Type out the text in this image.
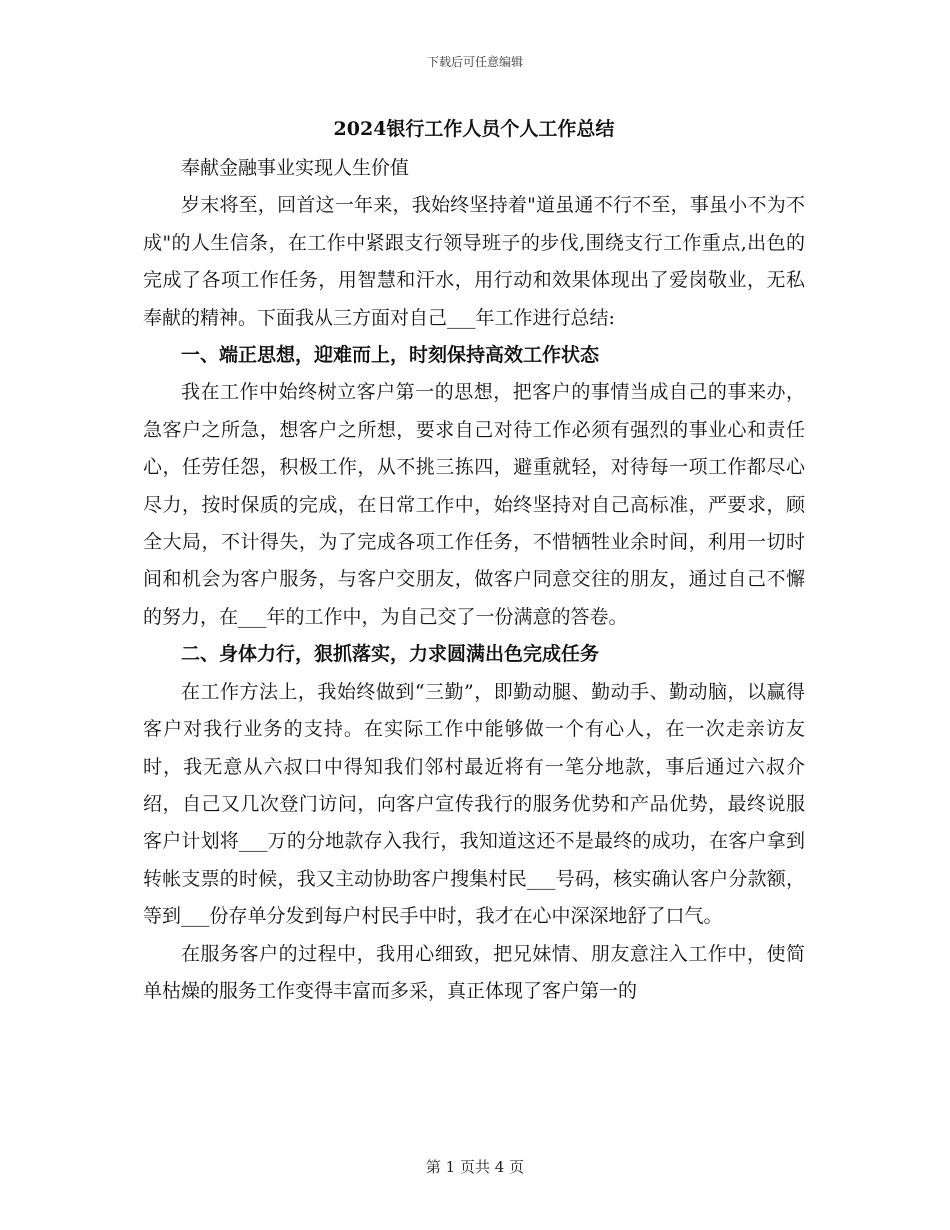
下载后可任意编辑
2024银行工作人员个人工作总结

奉献金融事业实现人生价值

岁末将至，回首这一年来，我始终坚持着"道虽通不行不至，事虽小不为不成"的人生信条，在工作中紧跟支行领导班子的步伐,围绕支行工作重点,出色的完成了各项工作任务，用智慧和汗水，用行动和效果体现出了爱岗敬业，无私奉献的精神。下面我从三方面对自己___年工作进行总结:

一、端正思想，迎难而上，时刻保持高效工作状态

我在工作中始终树立客户第一的思想，把客户的事情当成自己的事来办，急客户之所急，想客户之所想，要求自己对待工作必须有强烈的事业心和责任心，任劳任怨，积极工作，从不挑三拣四，避重就轻，对待每一项工作都尽心尽力，按时保质的完成，在日常工作中，始终坚持对自己高标准，严要求，顾全大局，不计得失，为了完成各项工作任务，不惜牺牲业余时间，利用一切时间和机会为客户服务，与客户交朋友，做客户同意交往的朋友，通过自己不懈的努力，在___年的工作中，为自己交了一份满意的答卷。

二、身体力行，狠抓落实，力求圆满出色完成任务

在工作方法上，我始终做到“三勤”，即勤动腿、勤动手、勤动脑，以赢得客户对我行业务的支持。在实际工作中能够做一个有心人，在一次走亲访友时，我无意从六叔口中得知我们邻村最近将有一笔分地款，事后通过六叔介绍，自己又几次登门访问，向客户宣传我行的服务优势和产品优势，最终说服客户计划将___万的分地款存入我行，我知道这还不是最终的成功，在客户拿到转帐支票的时候，我又主动协助客户搜集村民___号码，核实确认客户分款额，等到___份存单分发到每户村民手中时，我才在心中深深地舒了口气。

在服务客户的过程中，我用心细致，把兄妹情、朋友意注入工作中，使简单枯燥的服务工作变得丰富而多采，真正体现了客户第一的

第 1 页共 4 页
